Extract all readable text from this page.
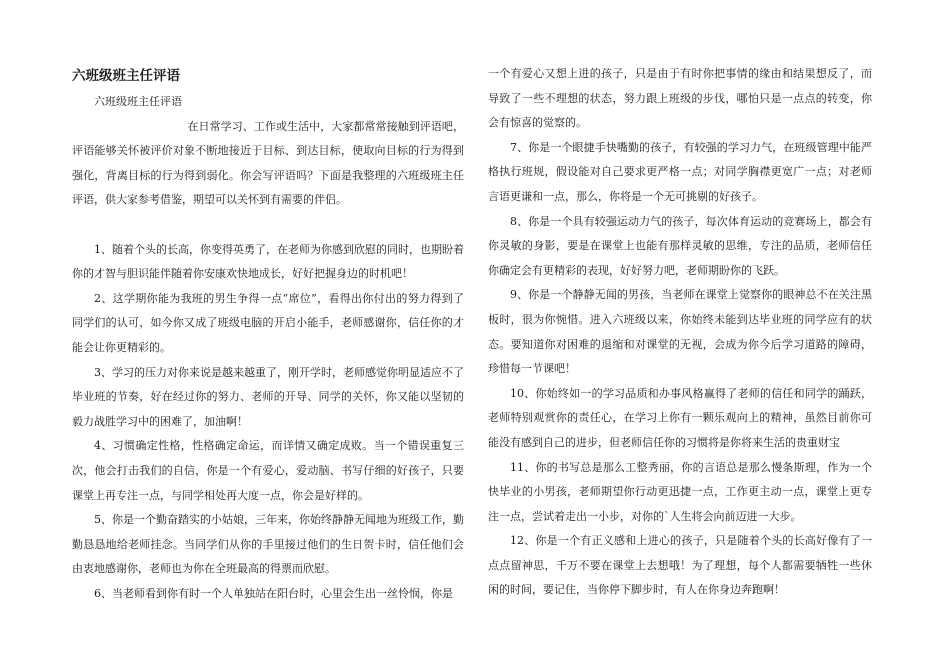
六班级班主任评语

六班级班主任评语

在日常学习、工作或生活中，大家都常常接触到评语吧，评语能够关怀被评价对象不断地接近于目标、到达目标，使取向目标的行为得到强化，背离目标的行为得到弱化。你会写评语吗？下面是我整理的六班级班主任评语，供大家参考借鉴，期望可以关怀到有需要的伴侣。

1、随着个头的长高，你变得英勇了，在老师为你感到欣慰的同时，也期盼着你的才智与胆识能伴随着你安康欢快地成长，好好把握身边的时机吧！

2、这学期你能为我班的男生争得一点“席位”，看得出你付出的努力得到了同学们的认可，如今你又成了班级电脑的开启小能手，老师感谢你，信任你的才能会让你更精彩的。

3、学习的压力对你来说是越来越重了，刚开学时，老师感觉你明显适应不了毕业班的节奏，好在经过你的努力、老师的开导、同学的关怀，你又能以坚韧的毅力战胜学习中的困难了，加油啊！

4、习惯确定性格，性格确定命运，而详情又确定成败。当一个错误重复三次，他会打击我们的自信，你是一个有爱心，爱动脑、书写仔细的好孩子，只要课堂上再专注一点，与同学相处再大度一点，你会是好样的。

5、你是一个勤奋踏实的小姑娘，三年来，你始终静静无闻地为班级工作，勤勤恳恳地给老师挂念。当同学们从你的手里接过他们的生日贺卡时，信任他们会由衷地感谢你，老师也为你在全班最高的得票而欣慰。

6、当老师看到你有时一个人单独站在阳台时，心里会生出一丝怜悯，你是

一个有爱心又想上进的孩子，只是由于有时你把事情的缘由和结果想反了，而导致了一些不理想的状态，努力跟上班级的步伐，哪怕只是一点点的转变，你会有惊喜的觉察的。

7、你是一个眼捷手快嘴勤的孩子，有较强的学习力气，在班级管理中能严格执行班规，假设能对自己要求更严格一点；对同学胸襟更宽广一点；对老师言语更谦和一点，那么，你将是一个无可挑剔的好孩子。

8、你是一个具有较强运动力气的孩子，每次体育运动的竞赛场上，都会有你灵敏的身影，要是在课堂上也能有那样灵敏的思维，专注的品质，老师信任你确定会有更精彩的表现，好好努力吧，老师期盼你的飞跃。

9、你是一个静静无闻的男孩，当老师在课堂上觉察你的眼神总不在关注黑板时，很为你惋惜。进入六班级以来，你始终未能到达毕业班的同学应有的状态。要知道你对困难的退缩和对课堂的无视，会成为你今后学习道路的障碍，珍惜每一节课吧！

10、你始终如一的学习品质和办事风格赢得了老师的信任和同学的踊跃，老师特别观赏你的责任心，在学习上你有一颗乐观向上的精神，虽然目前你可能没有感到自己的进步，但老师信任你的习惯将是你将来生活的贵重财宝

11、你的书写总是那么工整秀丽，你的言语总是那么慢条斯理，作为一个快毕业的小男孩，老师期望你行动更迅捷一点，工作更主动一点，课堂上更专注一点，尝试着走出一小步，对你的`人生将会向前迈进一大步。

12、你是一个有正义感和上进心的孩子，只是随着个头的长高好像有了一点点留神思，千万不要在课堂上去想哦！为了理想，每个人都需要牺牲一些休闲的时间，要记住，当你停下脚步时，有人在你身边奔跑啊！
